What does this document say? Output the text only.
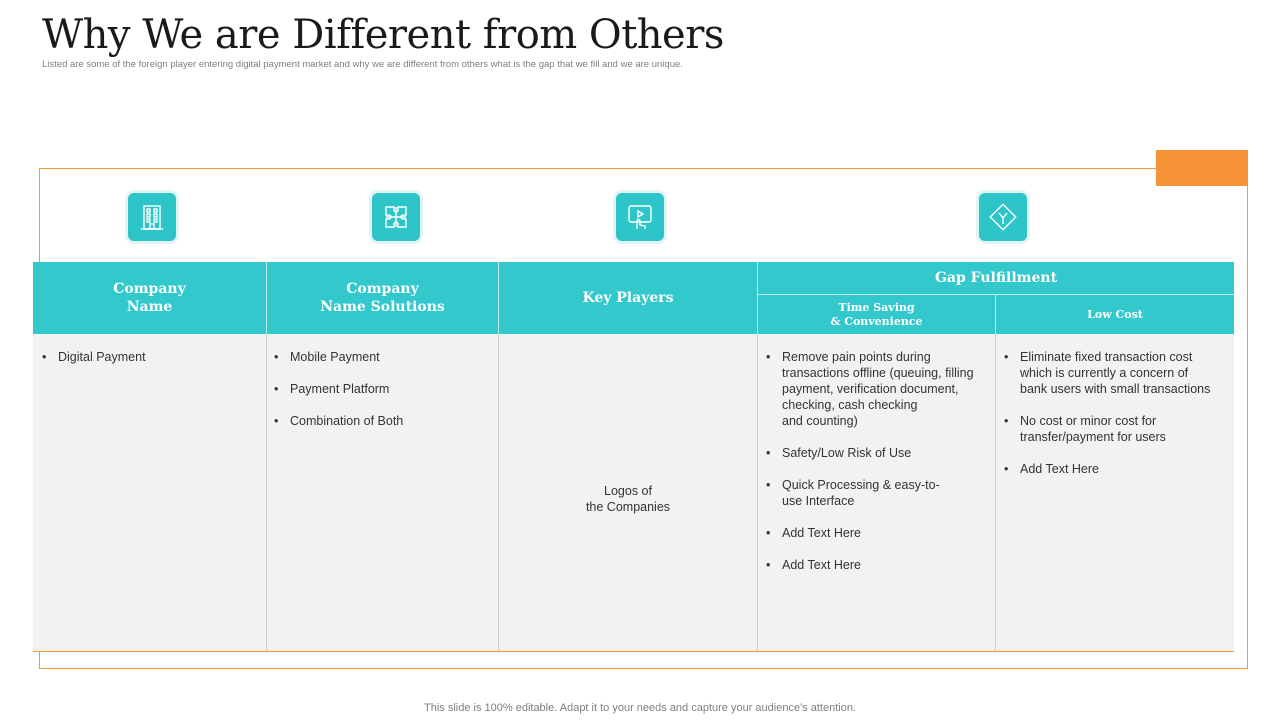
Why We are Different from Others
Listed are some of the foreign player entering digital payment market and why we are different from others what is the gap that we fill and we are unique.
Company
Name
Company
Name Solutions
Key Players
Gap Fulfillment
Time Saving
& Convenience
Low Cost
• Digital Payment
•	Mobile Payment
• Payment Platform
• Combination of Both
Logos of
the Companies
• Remove pain points during
transactions offline (queuing, filling
payment, verification document,
checking, cash checking
and counting)
• Safety/Low Risk of Use
• Quick Processing & easy-to-
use Interface
• Add Text Here
• Add Text Here
• Eliminate fixed transaction cost
which is currently a concern of
bank users with small transactions
• No cost or minor cost for
transfer/payment for users
• Add Text Here
This slide is 100% editable. Adapt it to your needs and capture your audience's attention.
